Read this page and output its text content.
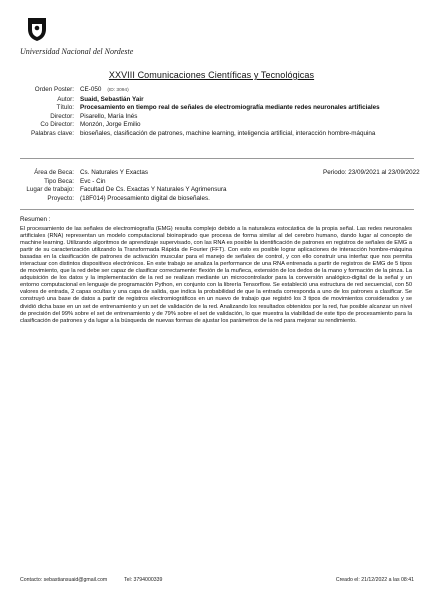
Universidad Nacional del Nordeste
XXVIII Comunicaciones Científicas y Tecnológicas
Orden Poster: CE-050 (ID: 3094)
Autor: Suaid, Sebastián Yair
Título: Procesamiento en tiempo real de señales de electromiografía mediante redes neuronales artificiales
Director: Pisarello, María Inés
Co Director: Monzón, Jorge Emilio
Palabras clave: bioseñales, clasificación de patrones, machine learning, inteligencia artificial, interacción hombre-máquina
Periodo: 23/09/2021 al 23/09/2022
Área de Beca: Cs. Naturales Y Exactas
Tipo Beca: Evc - Cin
Lugar de trabajo: Facultad De Cs. Exactas Y Naturales Y Agrimensura
Proyecto: (18F014) Procesamiento digital de bioseñales.
Resumen :
El procesamiento de las señales de electromiografía (EMG) resulta complejo debido a la naturaleza estocástica de la propia señal. Las redes neuronales artificiales (RNA) representan un modelo computacional bioinspirado que procesa de forma similar al del cerebro humano, dando lugar al concepto de machine learning. Utilizando algoritmos de aprendizaje supervisado, con las RNA es posible la identificación de patrones en registros de señales de EMG a partir de su caracterización utilizando la Transformada Rápida de Fourier (FFT). Con esto es posible lograr aplicaciones de interacción hombre-máquina basadas en la clasificación de patrones de activación muscular para el manejo de señales de control, y con ello construir una interfaz que nos permita interactuar con distintos dispositivos electrónicos. En este trabajo se analiza la performance de una RNA entrenada a partir de registros de EMG de 5 tipos de movimiento, que la red debe ser capaz de clasificar correctamente: flexión de la muñeca, extensión de los dedos de la mano y formación de la pinza. La adquisición de los datos y la implementación de la red se realizan mediante un microcontrolador para la conversión analógico-digital de la señal y un entorno computacional en lenguaje de programación Python, en conjunto con la librería Tensorflow. Se estableció una estructura de red secuencial, con 50 valores de entrada, 2 capas ocultas y una capa de salida, que indica la probabilidad de que la entrada corresponda a uno de los patrones a clasificar. Se construyó una base de datos a partir de registros electromiográficos en un nuevo de trabajo que registró los 3 tipos de movimientos considerados y se dividió dicha base en un set de entrenamiento y un set de validación de la red. Analizando los resultados obtenidos por la red, fue posible alcanzar un nivel de precisión del 99% sobre el set de entrenamiento y de 79% sobre el set de validación, lo que muestra la viabilidad de este tipo de procesamiento para la clasificación de patrones y da lugar a la búsqueda de nuevas formas de ajustar los parámetros de la red para mejorar su rendimiento.
Contacto: sebastiansuaid@gmail.com	Tel: 3794000339	Creado el: 21/12/2022 a las 08:41
